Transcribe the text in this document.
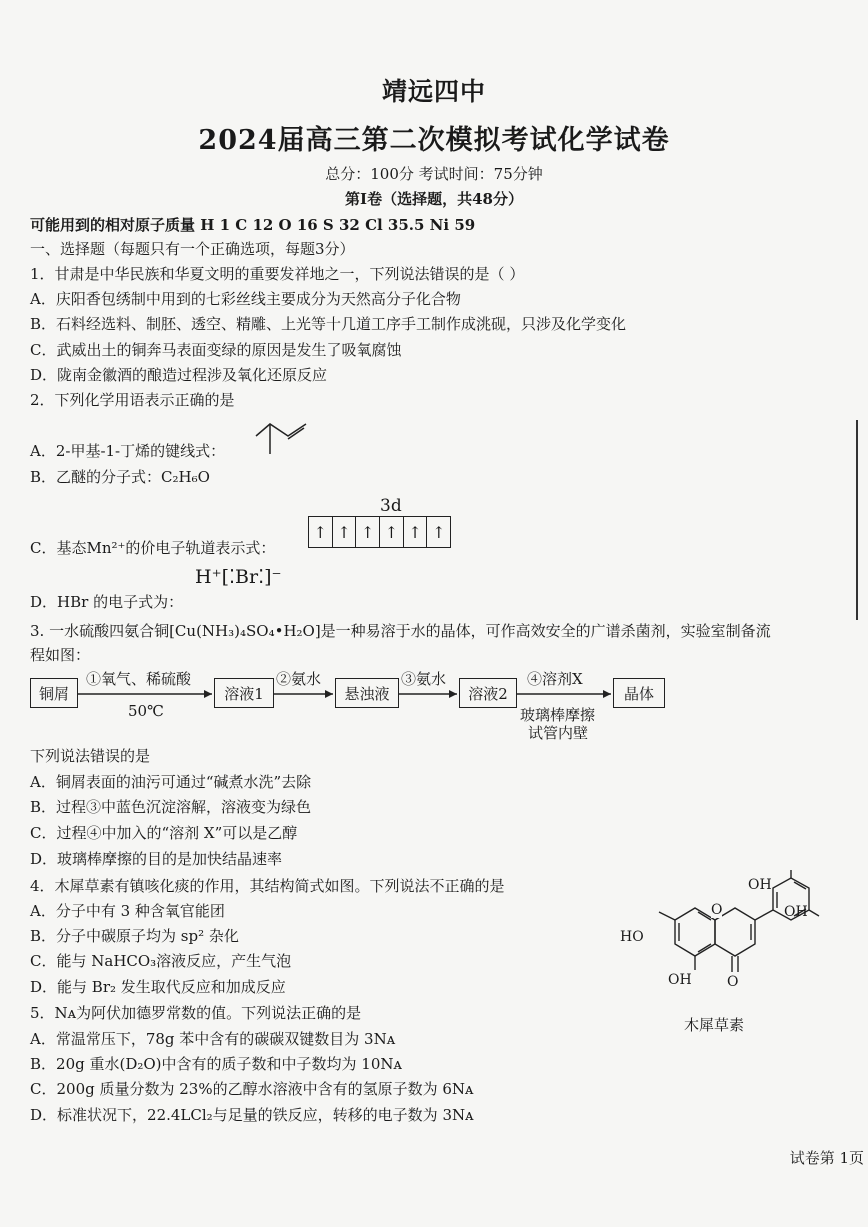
靖远四中
2024届高三第二次模拟考试化学试卷
总分：100分 考试时间：75分钟
第Ⅰ卷（选择题，共48分）
可能用到的相对原子质量 H 1 C 12 O 16 S 32 Cl 35.5 Ni 59
一、选择题（每题只有一个正确选项，每题3分）
1．甘肃是中华民族和华夏文明的重要发祥地之一，下列说法错误的是（ ）
A．庆阳香包绣制中用到的七彩丝线主要成分为天然高分子化合物
B．石料经选料、制胚、透空、精雕、上光等十几道工序手工制作成洮砚，只涉及化学变化
C．武威出土的铜奔马表面变绿的原因是发生了吸氧腐蚀
D．陇南金徽酒的酿造过程涉及氧化还原反应
2．下列化学用语表示正确的是
A．2-甲基-1-丁烯的键线式：
B．乙醚的分子式：C₂H₆O
3d
↑ ↑ ↑ ↑ ↑ ↑
C．基态Mn²⁺的价电子轨道表示式：
H⁺[⁚Br⁚]⁻
D．HBr 的电子式为：
3. 一水硫酸四氨合铜[Cu(NH₃)₄SO₄•H₂O]是一种易溶于水的晶体，可作高效安全的广谱杀菌剂，实验室制备流
程如图：
铜屑
①氧气、稀硫酸
50℃
溶液1
②氨水
悬浊液
③氨水
溶液2
④溶剂X
玻璃棒摩擦
试管内壁
晶体
下列说法错误的是
A．铜屑表面的油污可通过“碱煮水洗”去除
B．过程③中蓝色沉淀溶解，溶液变为绿色
C．过程④中加入的“溶剂 X”可以是乙醇
D．玻璃棒摩擦的目的是加快结晶速率
4．木犀草素有镇咳化痰的作用，其结构简式如图。下列说法不正确的是
A．分子中有 3 种含氧官能团
B．分子中碳原子均为 sp² 杂化
C．能与 NaHCO₃溶液反应，产生气泡
D．能与 Br₂ 发生取代反应和加成反应
OH
OH
HO
O
OH	O
木犀草素
5．Nᴀ为阿伏加德罗常数的值。下列说法正确的是
A．常温常压下，78g 苯中含有的碳碳双键数目为 3Nᴀ
B．20g 重水(D₂O)中含有的质子数和中子数均为 10Nᴀ
C．200g 质量分数为 23%的乙醇水溶液中含有的氢原子数为 6Nᴀ
D．标准状况下，22.4LCl₂与足量的铁反应，转移的电子数为 3Nᴀ
试卷第 1页
